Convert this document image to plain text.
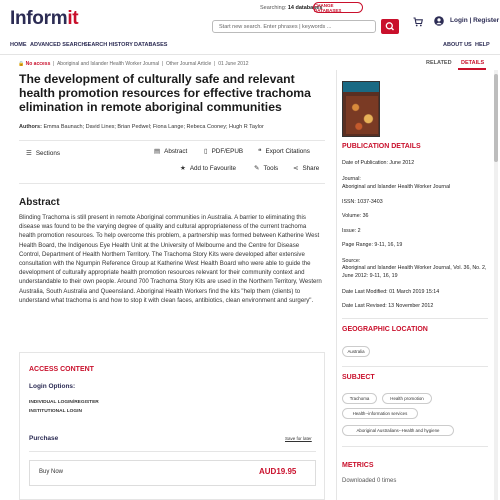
Informit	Searching: 14 databases
CHANGE DATABASES
Start new search. Enter phrases | keywords ...
Login | Register
HOME ADVANCED SEARCH
SEARCH HISTORY DATABASES	ABOUT US HELP
🔒 No access  |  Aboriginal and Islander Health Worker Journal  |  Other Journal Article  |  01 June 2012	RELATED DETAILS
The development of culturally safe and relevant health promotion resources for effective trachoma elimination in remote aboriginal communities
Authors: Emma Baunach; David Lines; Brian Pedwel; Fiona Lange; Rebeca Cooney; Hugh R Taylor
☰ Sections	▤ Abstract	▯ PDF/EPUB ❝ Export Citations
★ Add to Favourite	✎ Tools ⋖ Share
Abstract
Blinding Trachoma is still present in remote Aboriginal communities in Australia. A barrier to eliminating this disease was found to be the varying degree of quality and cultural appropriateness of the current trachoma health promotion resources. To help overcome this problem, a partnership was formed between Katherine West Health Board, the Indigenous Eye Health Unit at the University of Melbourne and the Centre for Disease Control, Department of Health Northern Territory. The Trachoma Story Kits were developed after extensive consultation with the Ngumpin Reference Group at Katherine West Health Board who were able to guide the development of culturally appropriate health promotion resources relevant for their community context and understandable to their own people. Around 700 Trachoma Story Kits are used in the Northern Territory, Western Australia, South Australia and Queensland. Aboriginal Health Workers find the kits "help them (clients) to understand what trachoma is and how to stop it with clean faces, antibiotics, clean environment and surgery".
ACCESS CONTENT
Login Options:
INDIVIDUAL LOGIN/REGISTER
INSTITUTIONAL LOGIN
Purchase	Save for later
Buy Now	AUD19.95
PUBLICATION DETAILS
Date of Publication: June 2012
Journal:
Aboriginal and Islander Health Worker Journal
ISSN: 1037-3403
Volume: 36
Issue: 2
Page Range: 9-11, 16, 19
Source:
Aboriginal and Islander Health Worker Journal, Vol. 36, No. 2, June 2012: 9-11, 16, 19
Date Last Modified: 01 March 2019 15:14
Date Last Revised: 13 November 2012
GEOGRAPHIC LOCATION
Australia
SUBJECT
Trachoma	Health promotion
Health--information services
Aboriginal Australians--Health and hygiene
METRICS
Downloaded 0 times
